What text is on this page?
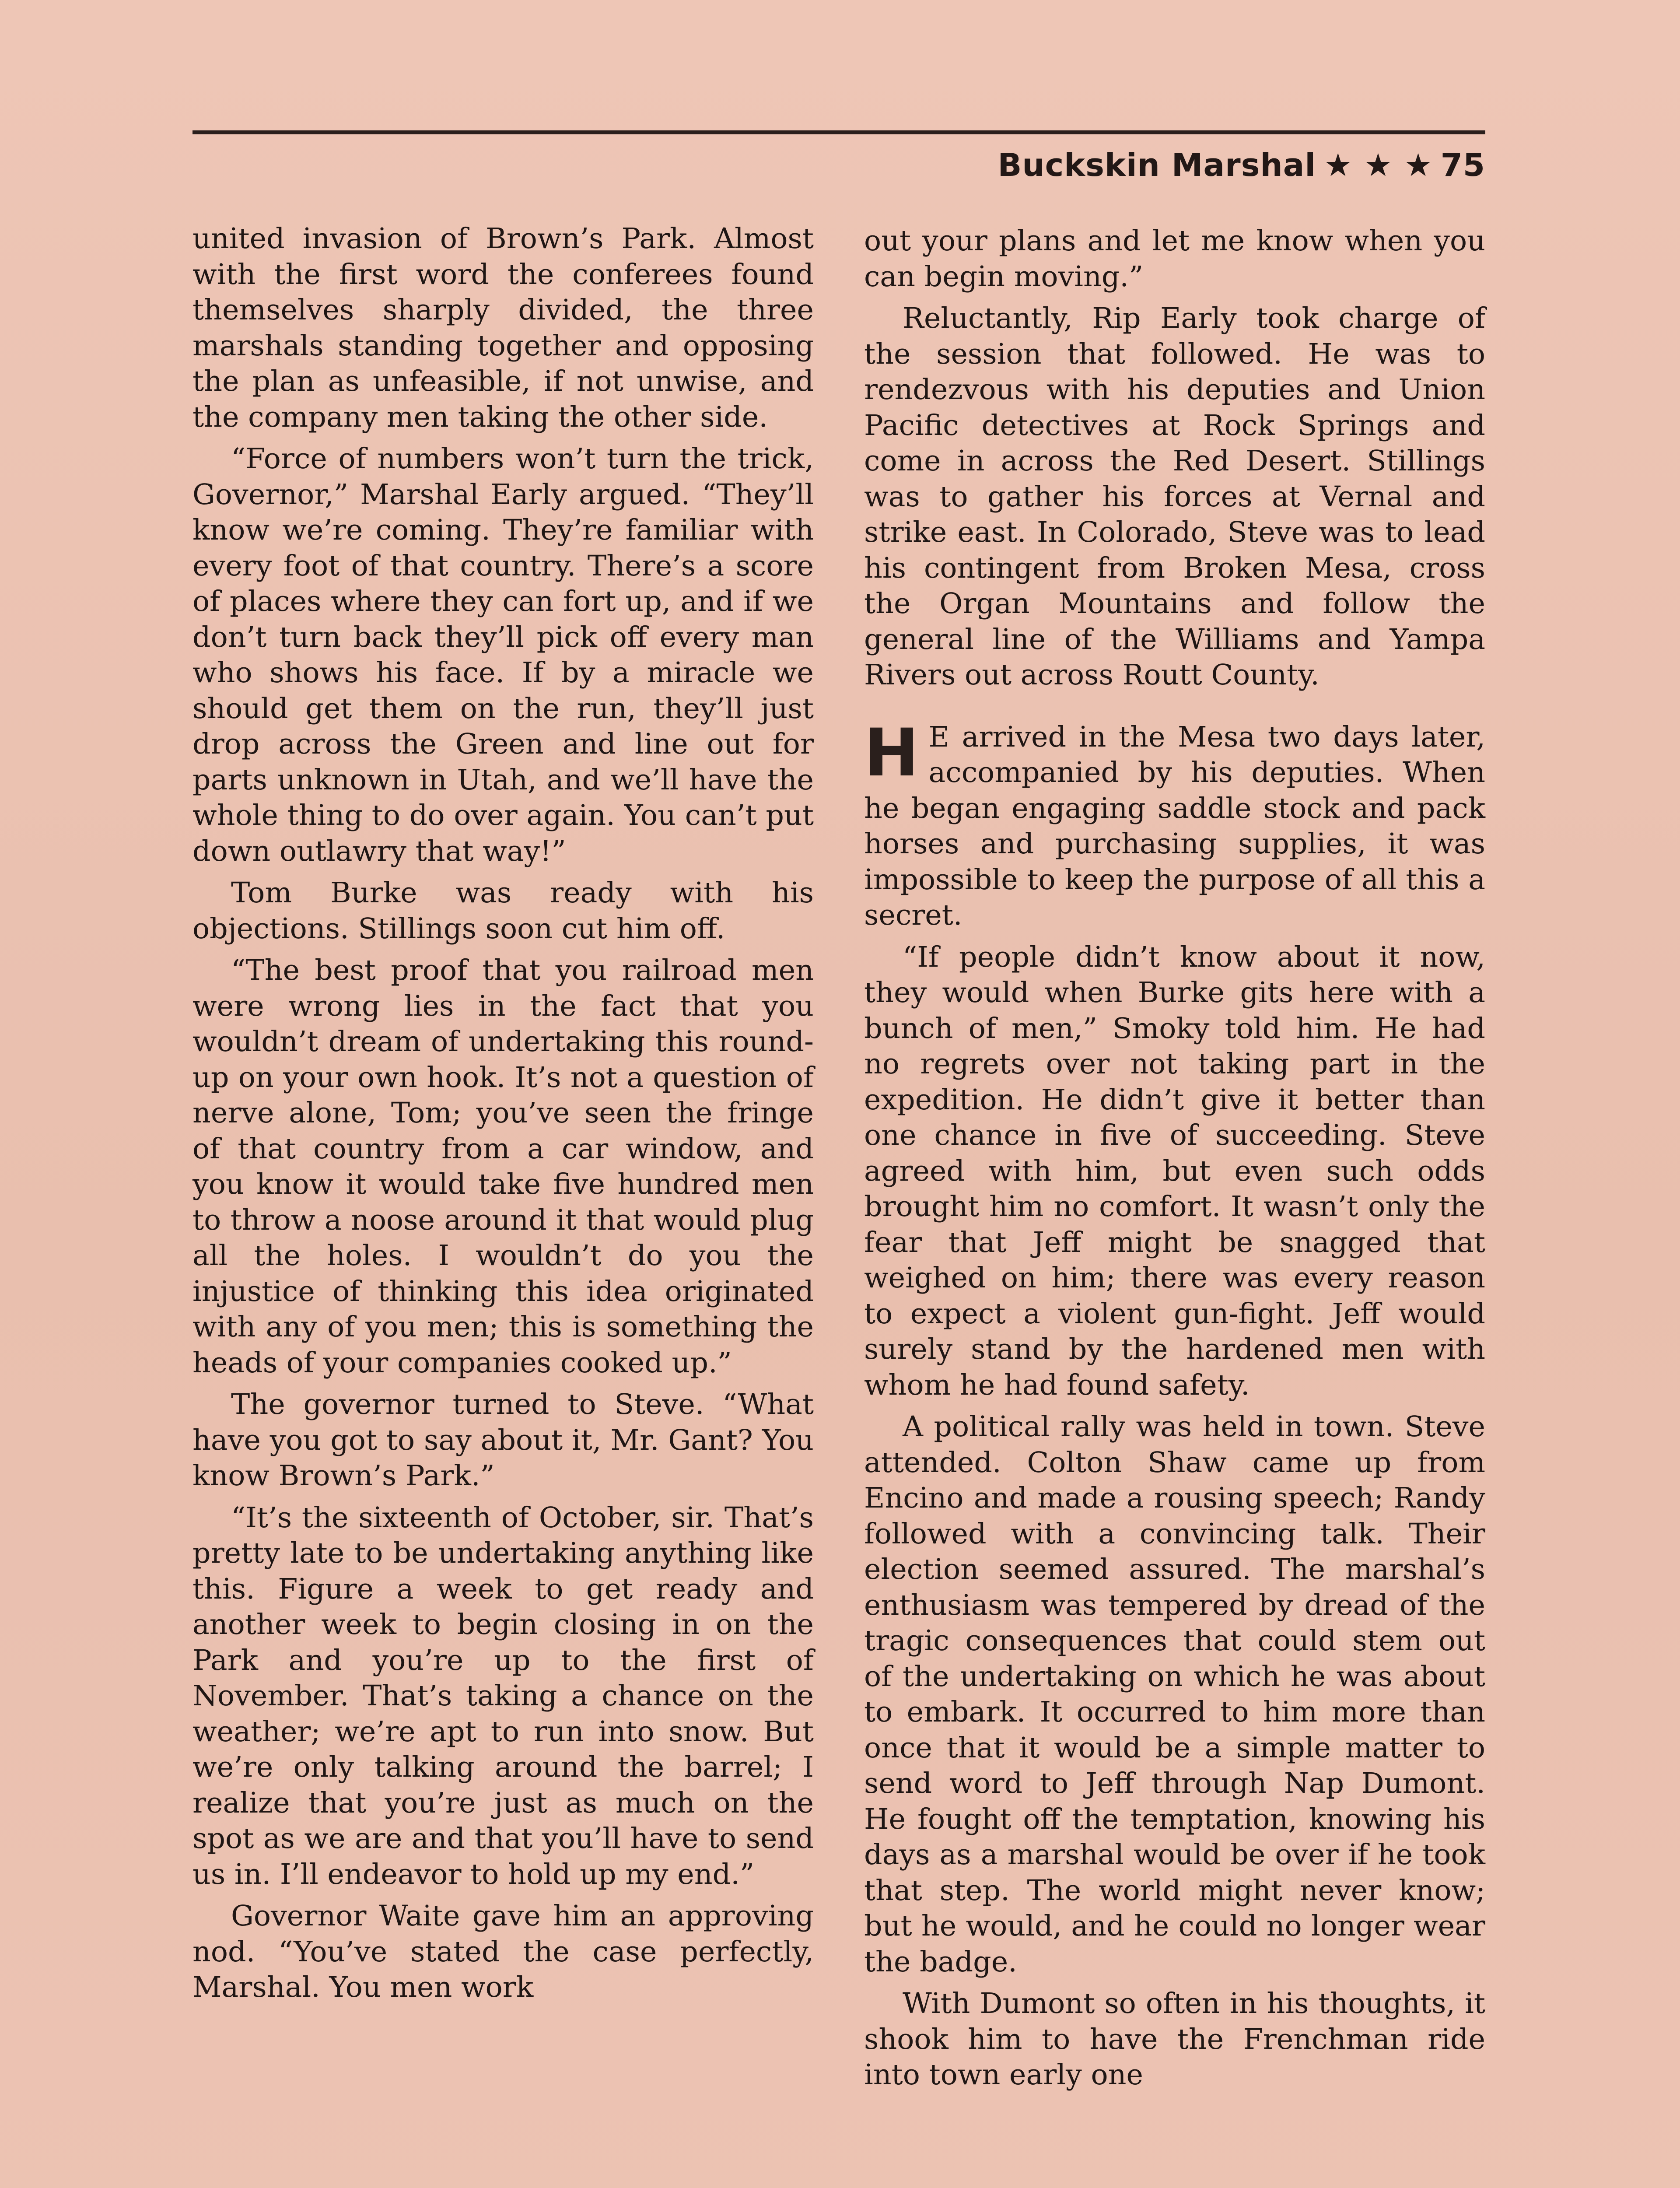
Buckskin Marshal ★ ★ ★ 75

united invasion of Brown’s Park. Almost with the first word the conferees found themselves sharply divided, the three marshals standing together and opposing the plan as unfeasible, if not unwise, and the company men taking the other side.

“Force of numbers won’t turn the trick, Governor,” Marshal Early argued. “They’ll know we’re coming. They’re familiar with every foot of that country. There’s a score of places where they can fort up, and if we don’t turn back they’ll pick off every man who shows his face. If by a miracle we should get them on the run, they’ll just drop across the Green and line out for parts unknown in Utah, and we’ll have the whole thing to do over again. You can’t put down outlawry that way!”

Tom Burke was ready with his objections. Stillings soon cut him off.

“The best proof that you railroad men were wrong lies in the fact that you wouldn’t dream of undertaking this round-up on your own hook. It’s not a question of nerve alone, Tom; you’ve seen the fringe of that country from a car window, and you know it would take five hundred men to throw a noose around it that would plug all the holes. I wouldn’t do you the injustice of thinking this idea originated with any of you men; this is something the heads of your companies cooked up.”

The governor turned to Steve. “What have you got to say about it, Mr. Gant? You know Brown’s Park.”

“It’s the sixteenth of October, sir. That’s pretty late to be undertaking anything like this. Figure a week to get ready and another week to begin closing in on the Park and you’re up to the first of November. That’s taking a chance on the weather; we’re apt to run into snow. But we’re only talking around the barrel; I realize that you’re just as much on the spot as we are and that you’ll have to send us in. I’ll endeavor to hold up my end.”

Governor Waite gave him an approving nod. “You’ve stated the case perfectly, Marshal. You men work

out your plans and let me know when you can begin moving.”

Reluctantly, Rip Early took charge of the session that followed. He was to rendezvous with his deputies and Union Pacific detectives at Rock Springs and come in across the Red Desert. Stillings was to gather his forces at Vernal and strike east. In Colorado, Steve was to lead his contingent from Broken Mesa, cross the Organ Mountains and follow the general line of the Williams and Yampa Rivers out across Routt County.

H E arrived in the Mesa two days later, accompanied by his deputies. When he began engaging saddle stock and pack horses and purchasing supplies, it was impossible to keep the purpose of all this a secret.

“If people didn’t know about it now, they would when Burke gits here with a bunch of men,” Smoky told him. He had no regrets over not taking part in the expedition. He didn’t give it better than one chance in five of succeeding. Steve agreed with him, but even such odds brought him no comfort. It wasn’t only the fear that Jeff might be snagged that weighed on him; there was every reason to expect a violent gun-fight. Jeff would surely stand by the hardened men with whom he had found safety.

A political rally was held in town. Steve attended. Colton Shaw came up from Encino and made a rousing speech; Randy followed with a convincing talk. Their election seemed assured. The marshal’s enthusiasm was tempered by dread of the tragic consequences that could stem out of the undertaking on which he was about to embark. It occurred to him more than once that it would be a simple matter to send word to Jeff through Nap Dumont. He fought off the temptation, knowing his days as a marshal would be over if he took that step. The world might never know; but he would, and he could no longer wear the badge.

With Dumont so often in his thoughts, it shook him to have the Frenchman ride into town early one
